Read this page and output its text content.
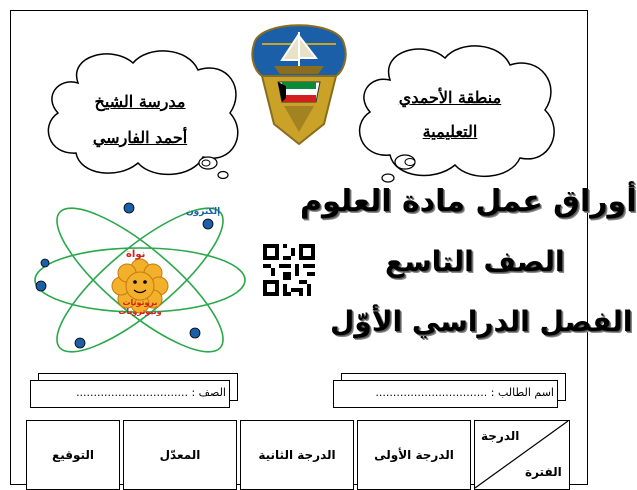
منطقة الأحمدي
التعليمية
مدرسة الشيخ
أحمد الفارسي
أوراق عمل مادة العلوم
الصف التاسع
الفصل الدراسي الأوّل
إلكترون
نواة
بروتونات ونيوترونات
اسم الطالب : ................................
الصف : ................................
الدرجة
الفترة
الدرجة الأولى
الدرجة الثانية
المعدّل
التوقيع
